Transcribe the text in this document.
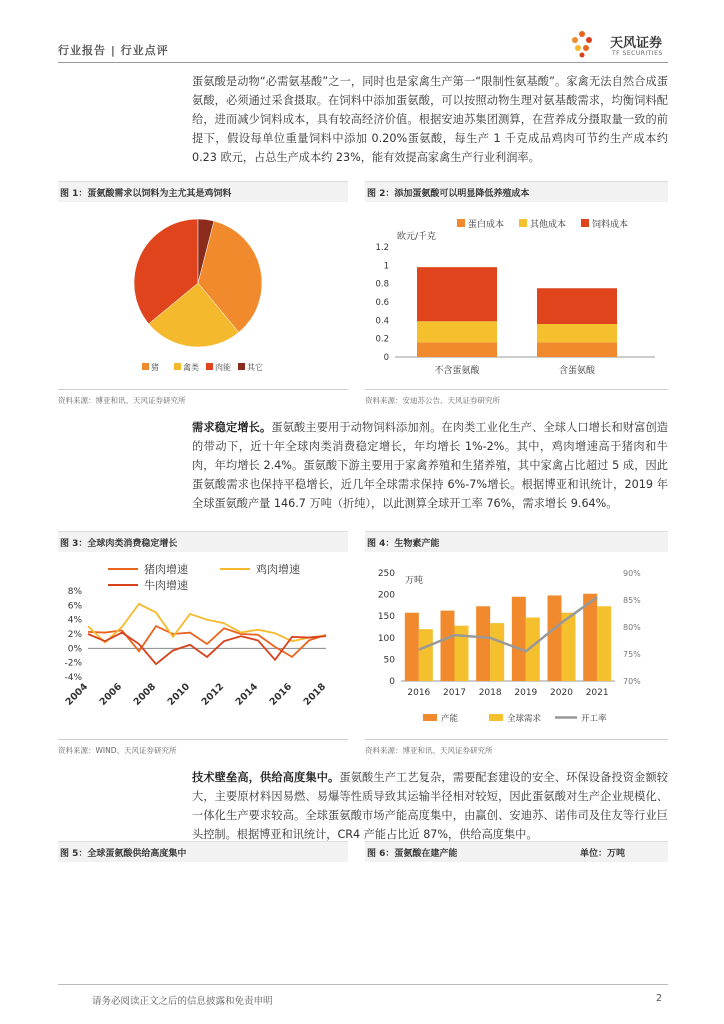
行业报告 | 行业点评	天风证券
TF SECURITIES
蛋氨酸是动物“必需氨基酸”之一，同时也是家禽生产第一“限制性氨基酸”。家禽无法自然合成蛋氨酸，必须通过采食摄取。在饲料中添加蛋氨酸，可以按照动物生理对氨基酸需求，均衡饲料配给，进而减少饲料成本，具有较高经济价值。根据安迪苏集团测算，在营养成分摄取量一致的前提下，假设每单位重量饲料中添加 0.20%蛋氨酸，每生产 1 千克成品鸡肉可节约生产成本约 0.23 欧元，占总生产成本约 23%，能有效提高家禽生产行业利润率。
图 1：蛋氨酸需求以饲料为主尤其是鸡饲料	图 2：添加蛋氨酸可以明显降低养殖成本
猪	禽类 肉能 其它
蛋白成本	其他成本	饲料成本
欧元/千克
1.2
1
0.8
0.6
0.4
0.2
0
不含蛋氨酸	含蛋氨酸
资料来源：博亚和讯、天风证券研究所	资料来源：安迪苏公告、天风证券研究所
需求稳定增长。蛋氨酸主要用于动物饲料添加剂。在肉类工业化生产、全球人口增长和财富创造的带动下，近十年全球肉类消费稳定增长，年均增长 1%-2%。其中，鸡肉增速高于猪肉和牛肉，年均增长 2.4%。蛋氨酸下游主要用于家禽养殖和生猪养殖，其中家禽占比超过 5 成，因此蛋氨酸需求也保持平稳增长，近几年全球需求保持 6%-7%增长。根据博亚和讯统计，2019 年全球蛋氨酸产量 146.7 万吨（折纯），以此测算全球开工率 76%，需求增长 9.64%。
图 3：全球肉类消费稳定增长	图 4：生物素产能
猪肉增速	鸡肉增速
牛肉增速
8%
6%
4%
2%
0%
-2%
-4%
2004 2006 2008 2010 2012 2014 2016 2018
万吨
250
200
150
100
50
0
90%
85%
80%
75%
70%
2016 2017 2018 2019 2020 2021
产能	全球需求	开工率
资料来源：WIND、天风证券研究所	资料来源：博亚和讯、天风证券研究所
技术壁垒高，供给高度集中。蛋氨酸生产工艺复杂，需要配套建设的安全、环保设备投资金额较大，主要原材料因易燃、易爆等性质导致其运输半径相对较短，因此蛋氨酸对生产企业规模化、一体化生产要求较高。全球蛋氨酸市场产能高度集中，由赢创、安迪苏、诺伟司及住友等行业巨头控制。根据博亚和讯统计，CR4 产能占比近 87%，供给高度集中。
图 5：全球蛋氨酸供给高度集中	图 6：蛋氨酸在建产能	单位：万吨
请务必阅读正文之后的信息披露和免责申明	2
